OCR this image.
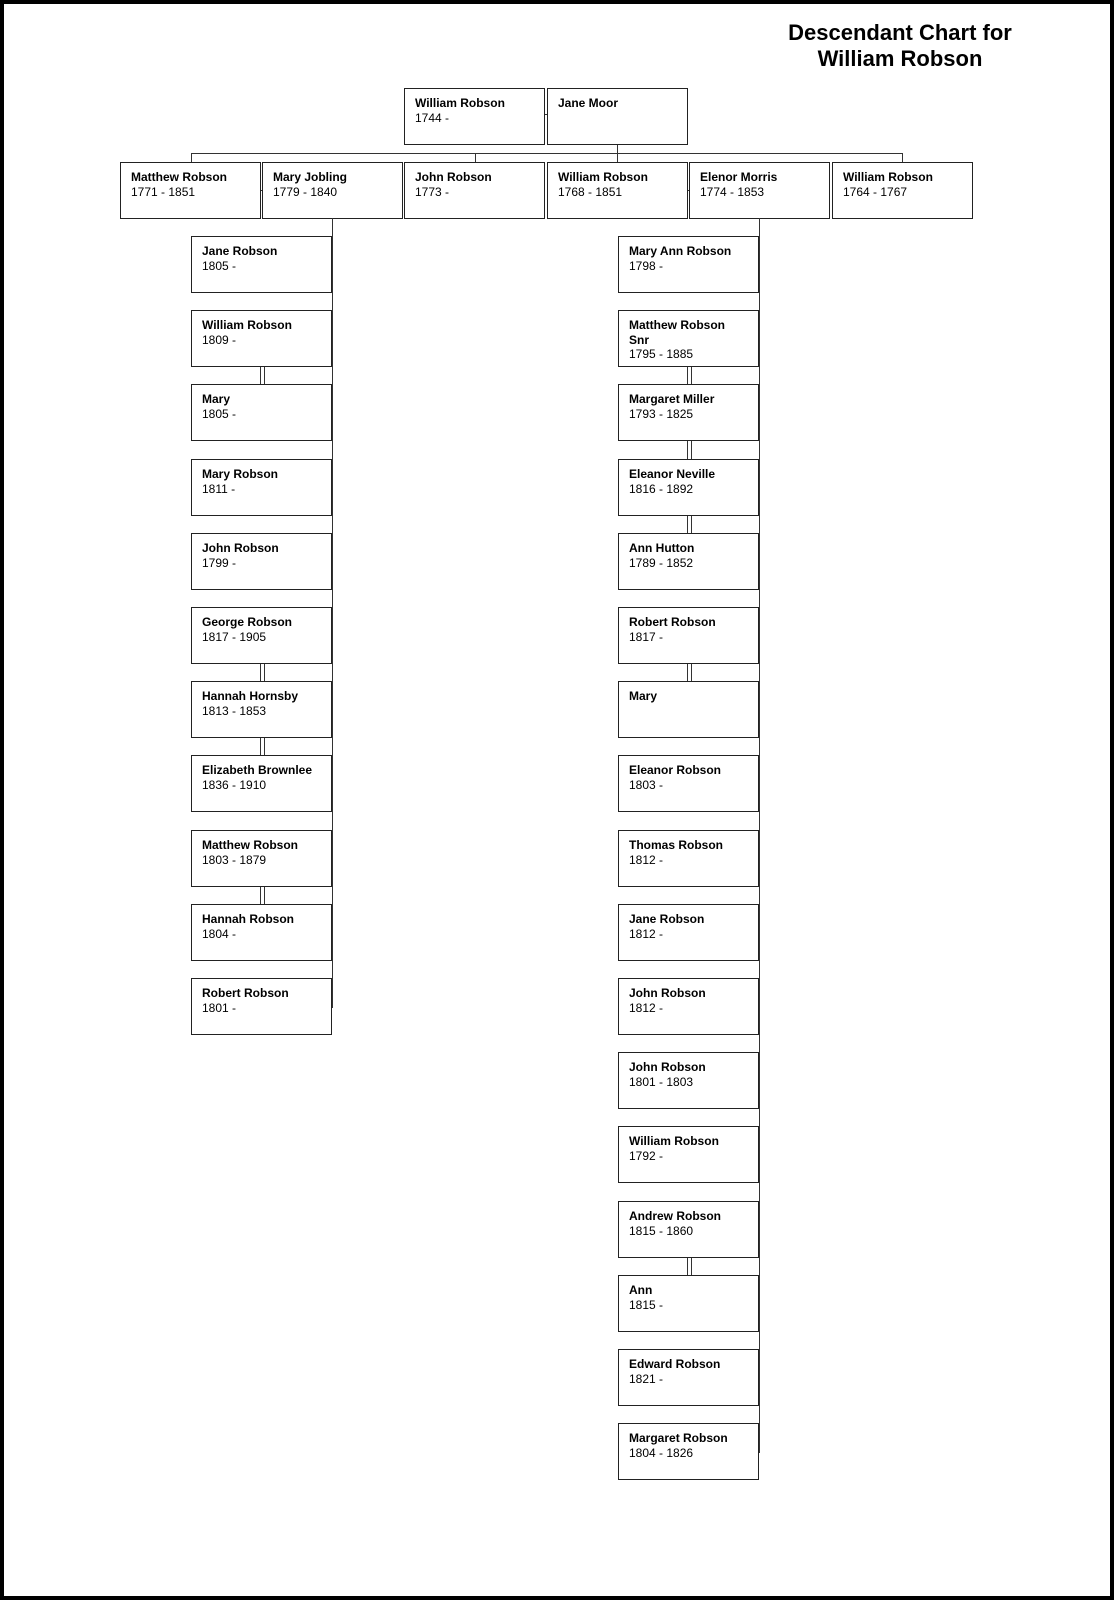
Descendant Chart for William Robson
William Robson
1744 -
Jane Moor
Matthew Robson
1771 - 1851
Mary Jobling
1779 - 1840
John Robson
1773 -
William Robson
1768 - 1851
Elenor Morris
1774 - 1853
William Robson
1764 - 1767
Jane Robson
1805 -
William Robson
1809 -
Mary
1805 -
Mary Robson
1811 -
John Robson
1799 -
George Robson
1817 - 1905
Hannah Hornsby
1813 - 1853
Elizabeth Brownlee
1836 - 1910
Matthew Robson
1803 - 1879
Hannah Robson
1804 -
Robert Robson
1801 -
Mary Ann Robson
1798 -
Matthew Robson Snr
1795 - 1885
Margaret Miller
1793 - 1825
Eleanor Neville
1816 - 1892
Ann Hutton
1789 - 1852
Robert Robson
1817 -
Mary
Eleanor Robson
1803 -
Thomas Robson
1812 -
Jane Robson
1812 -
John Robson
1812 -
John Robson
1801 - 1803
William Robson
1792 -
Andrew Robson
1815 - 1860
Ann
1815 -
Edward Robson
1821 -
Margaret Robson
1804 - 1826
